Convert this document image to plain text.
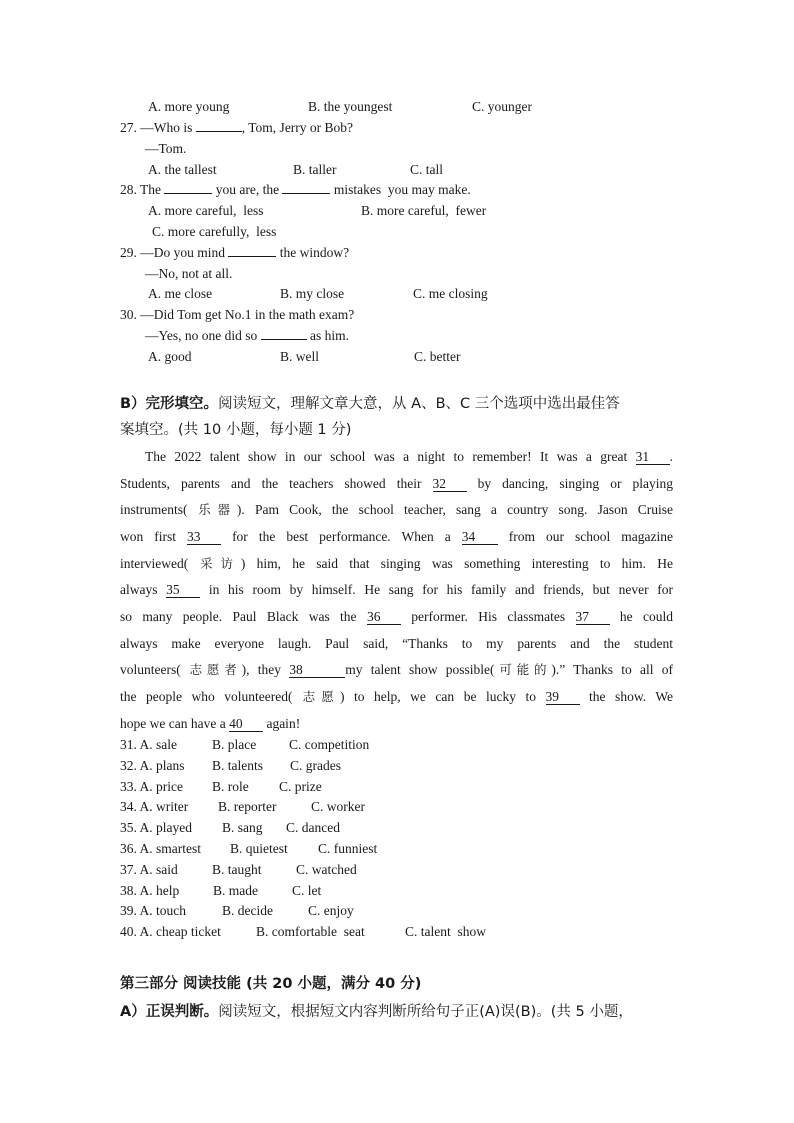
A. more young	B. the youngest	C. younger
27. —Who is	, Tom, Jerry or Bob?
—Tom.
A. the tallest	B. taller	C. tall
28. The	you are, the	mistakes  you may make.
A. more careful,  less	B. more careful,  fewer
C. more carefully,  less
29. —Do you mind	the window?
—No, not at all.
A. me close	B. my close	C. me closing
30. —Did Tom get No.1 in the math exam?
—Yes, no one did so	as him.
A. good	B. well	C. better
B）完形填空。阅读短文，理解文章大意，从 A、B、C 三个选项中选出最佳答
案填空。(共 10 小题，每小题 1 分)
The 2022 talent show in our school was a night to remember! It was a great 31 .
Students, parents and the teachers showed their 32 by dancing, singing or playing
instruments( 乐器). Pam Cook, the school teacher, sang a country song. Jason Cruise
won first 33 for the best performance. When a 34 from our school magazine
interviewed( 采访) him, he said that singing was something interesting to him. He
always 35 in his room by himself. He sang for his family and friends, but never for
so many people. Paul Black was the 36 performer. His classmates 37 he could
always make everyone laugh. Paul said, “Thanks to my parents and the student
volunteers( 志愿者), they 38	my talent show possible(可能的).” Thanks to all of
the people who volunteered( 志愿) to help, we can be lucky to 39 the show. We
hope we can have a 40 again!
31. A. sale	B. place C. competition
32. A. plans B. talents C. grades
33. A. price B. role C. prize
34. A. writer B. reporter	C. worker
35. A. played B. sang C. danced
36. A. smartest B. quietest C. funniest
37. A. said	B. taught	C. watched
38. A. help B. made	C. let
39. A. touch	B. decide	C. enjoy
40. A. cheap ticket	B. comfortable  seat	C. talent  show
第三部分 阅读技能 (共 20 小题，满分 40 分)
A）正误判断。阅读短文，根据短文内容判断所给句子正(A)误(B)。(共 5 小题，
